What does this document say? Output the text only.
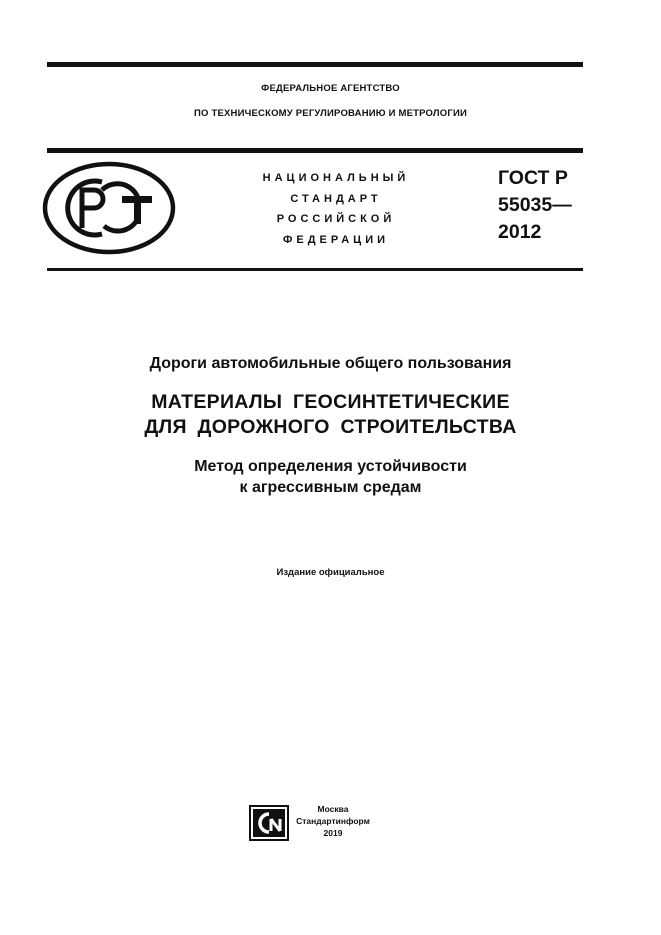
ФЕДЕРАЛЬНОЕ АГЕНТСТВО
ПО ТЕХНИЧЕСКОМУ РЕГУЛИРОВАНИЮ И МЕТРОЛОГИИ
НАЦИОНАЛЬНЫЙ
СТАНДАРТ
РОССИЙСКОЙ
ФЕДЕРАЦИИ
ГОСТ Р
55035—
2012
Дороги автомобильные общего пользования
МАТЕРИАЛЫ ГЕОСИНТЕТИЧЕСКИЕ
ДЛЯ ДОРОЖНОГО СТРОИТЕЛЬСТВА
Метод определения устойчивости
к агрессивным средам
Издание официальное
Москва
Стандартинформ
2019
